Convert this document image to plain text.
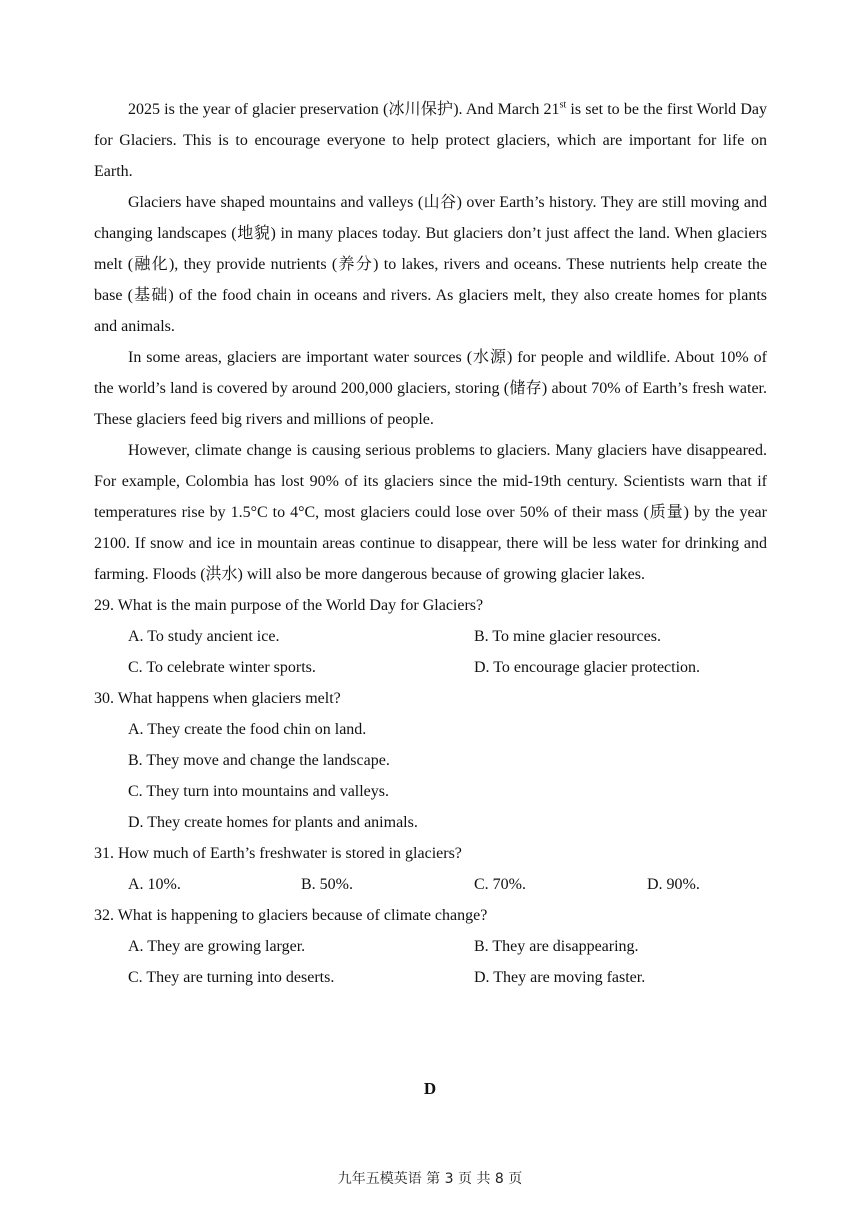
2025 is the year of glacier preservation (冰川保护). And March 21st is set to be the first World Day for Glaciers. This is to encourage everyone to help protect glaciers, which are important for life on Earth.

Glaciers have shaped mountains and valleys (山谷) over Earth’s history. They are still moving and changing landscapes (地貌) in many places today. But glaciers don’t just affect the land. When glaciers melt (融化), they provide nutrients (养分) to lakes, rivers and oceans. These nutrients help create the base (基础) of the food chain in oceans and rivers. As glaciers melt, they also create homes for plants and animals.

In some areas, glaciers are important water sources (水源) for people and wildlife. About 10% of the world’s land is covered by around 200,000 glaciers, storing (储存) about 70% of Earth’s fresh water. These glaciers feed big rivers and millions of people.

However, climate change is causing serious problems to glaciers. Many glaciers have disappeared. For example, Colombia has lost 90% of its glaciers since the mid-19th century. Scientists warn that if temperatures rise by 1.5°C to 4°C, most glaciers could lose over 50% of their mass (质量) by the year 2100. If snow and ice in mountain areas continue to disappear, there will be less water for drinking and farming. Floods (洪水) will also be more dangerous because of growing glacier lakes.

29. What is the main purpose of the World Day for Glaciers?
A. To study ancient ice.	B. To mine glacier resources.
C. To celebrate winter sports.	D. To encourage glacier protection.
30. What happens when glaciers melt?
A. They create the food chin on land.
B. They move and change the landscape.
C. They turn into mountains and valleys.
D. They create homes for plants and animals.
31. How much of Earth’s freshwater is stored in glaciers?
A. 10%.	B. 50%.	C. 70%.	D. 90%.
32. What is happening to glaciers because of climate change?
A. They are growing larger.	B. They are disappearing.
C. They are turning into deserts.	D. They are moving faster.
D
九年五模英语 第 3 页 共 8 页
